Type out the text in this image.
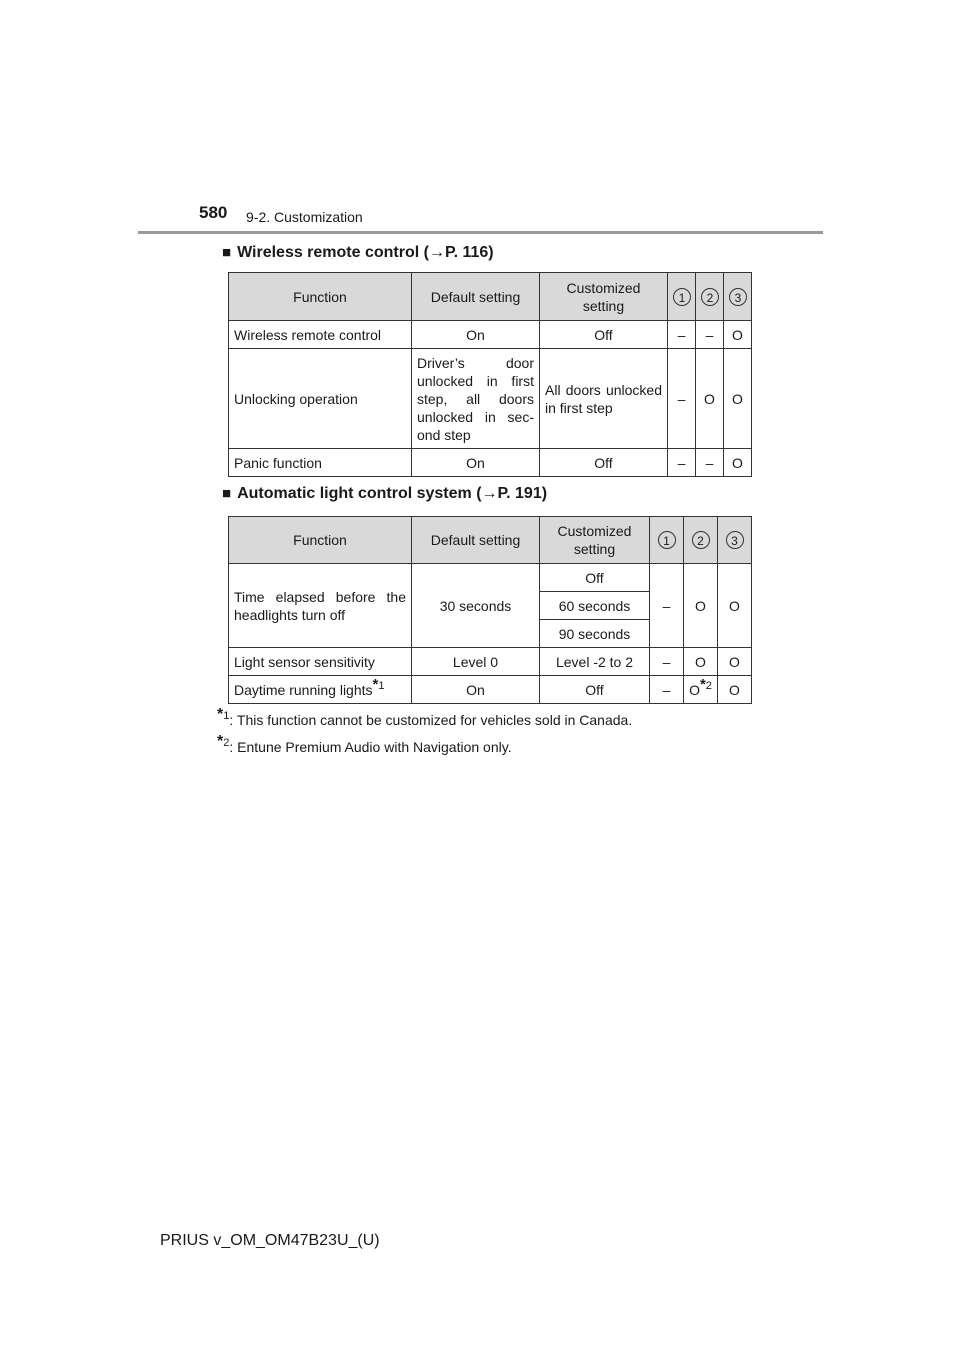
580 9-2. Customization
■ Wireless remote control (→P. 116)
Function	Default setting	Customized setting	1	2	3
Wireless remote control	On	Off	–	–	O
Unlocking operation	Driver’s door unlocked in first step, all doors unlocked in sec-ond step	All doors unlocked in first step	–	O	O
Panic function	On	Off	–	–	O
■ Automatic light control system (→P. 191)
Function	Default setting	Customized setting	1	2	3
Time elapsed before the headlights turn off	30 seconds	Off	–	O	O
		60 seconds			
		90 seconds			
Light sensor sensitivity	Level 0	Level -2 to 2	–	O	O
Daytime running lights$^{*1}$	On	Off	–	$O^{*2}$	O
$^{*1}$: This function cannot be customized for vehicles sold in Canada.
$^{*2}$: Entune Premium Audio with Navigation only.
PRIUS v_OM_OM47B23U_(U)
